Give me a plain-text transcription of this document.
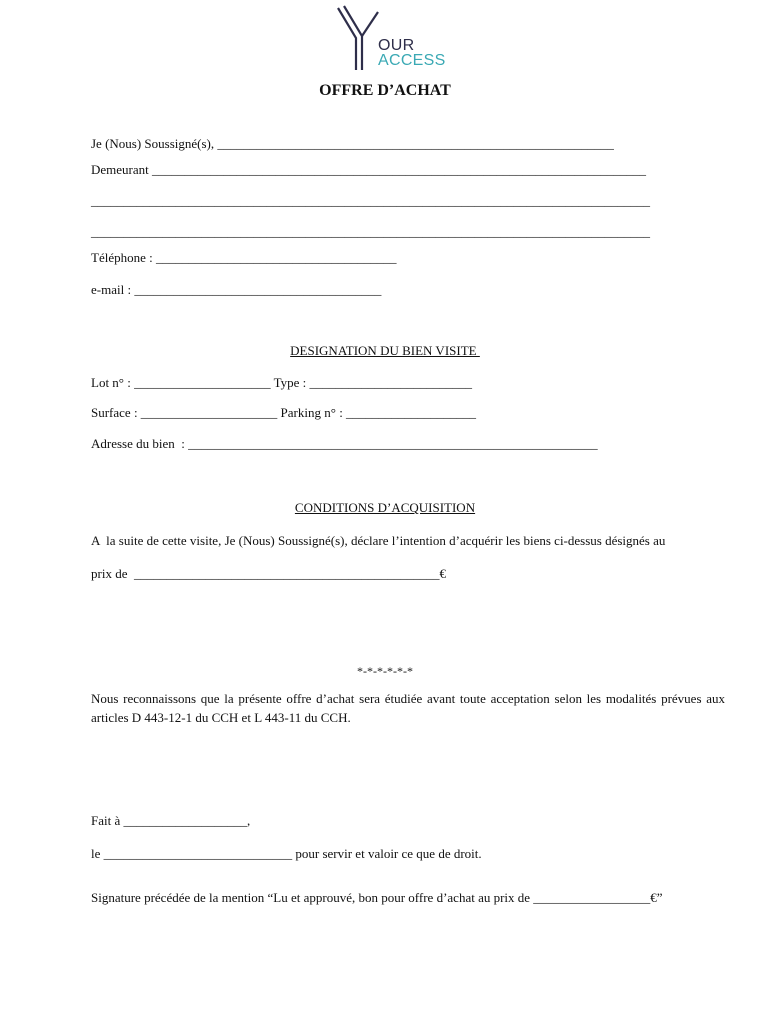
OUR
ACCESS
OFFRE D’ACHAT
Je (Nous) Soussigné(s), _____________________________________________________________
Demeurant ____________________________________________________________________________
______________________________________________________________________________________
______________________________________________________________________________________
Téléphone : _____________________________________
e-mail : ______________________________________
DESIGNATION DU BIEN VISITE
Lot n° : _____________________ Type : _________________________
Surface : _____________________ Parking n° : ____________________
Adresse du bien  : _______________________________________________________________
CONDITIONS D’ACQUISITION
A  la suite de cette visite, Je (Nous) Soussigné(s), déclare l’intention d’acquérir les biens ci-dessus désignés au
prix de  _______________________________________________€
*-*-*-*-*-*
Nous reconnaissons que la présente offre d’achat sera étudiée avant toute acceptation selon les modalités prévues aux articles D 443-12-1 du CCH et L 443-11 du CCH.
Fait à ___________________,
le _____________________________ pour servir et valoir ce que de droit.
Signature précédée de la mention “Lu et approuvé, bon pour offre d’achat au prix de __________________€”
